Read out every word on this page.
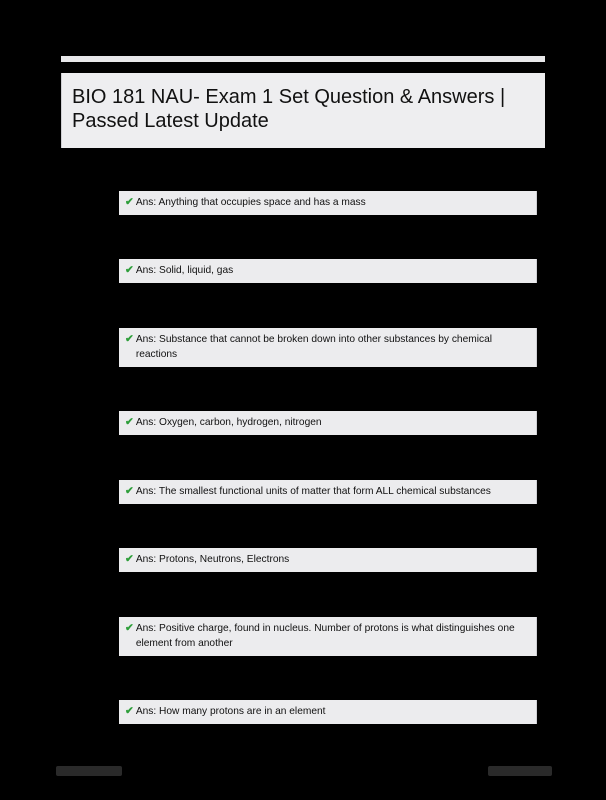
BIO 181 NAU- Exam 1 Set Question & Answers | Passed Latest Update
✔ Ans: Anything that occupies space and has a mass
✔ Ans: Solid, liquid, gas
✔ Ans: Substance that cannot be broken down into other substances by chemical reactions
✔ Ans: Oxygen, carbon, hydrogen, nitrogen
✔ Ans: The smallest functional units of matter that form ALL chemical substances
✔ Ans: Protons, Neutrons, Electrons
✔ Ans: Positive charge, found in nucleus. Number of protons is what distinguishes one element from another
✔ Ans: How many protons are in an element
